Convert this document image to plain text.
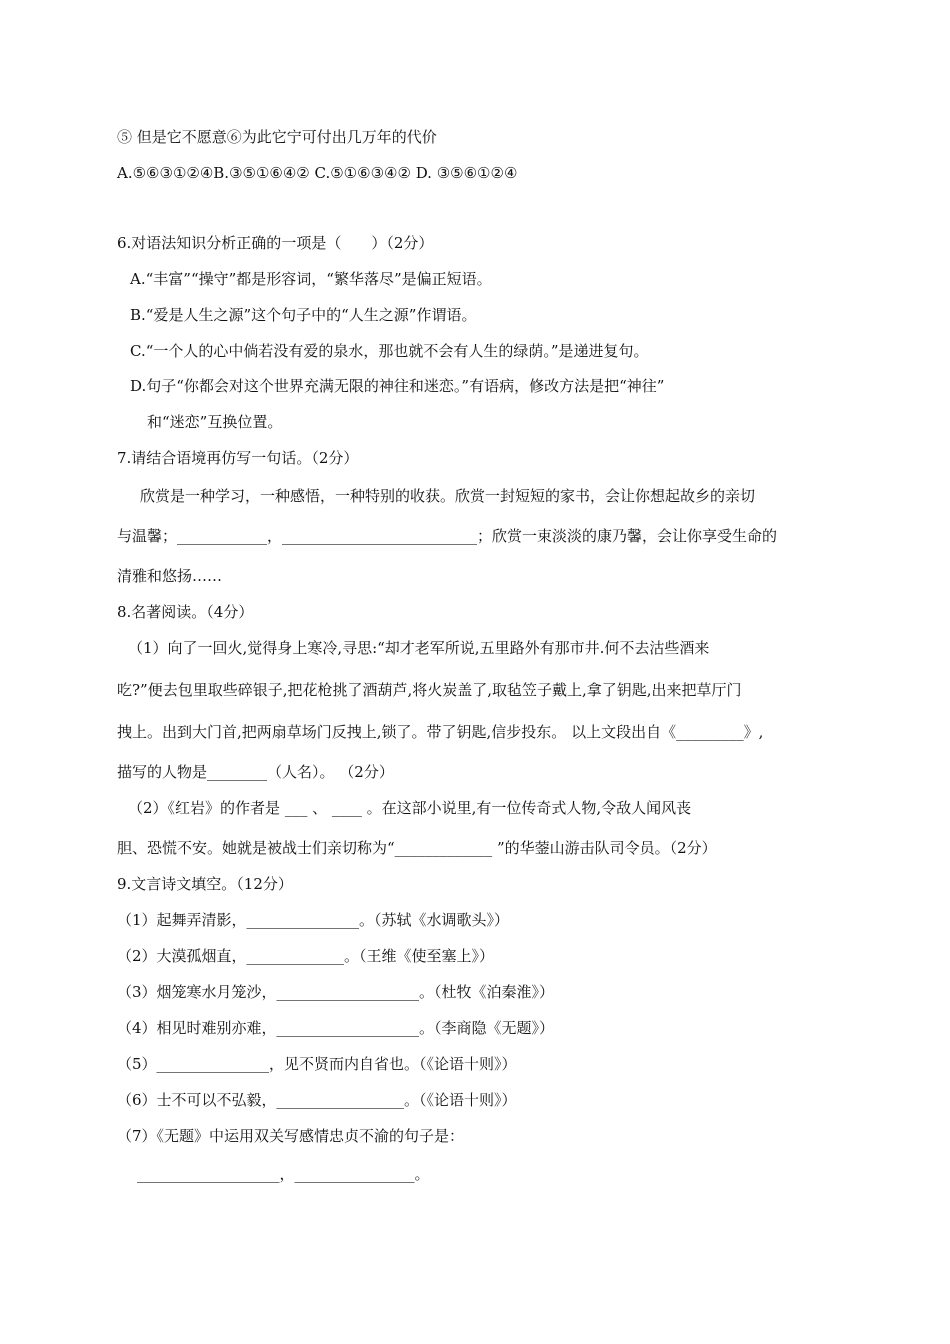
⑤ 但是它不愿意⑥为此它宁可付出几万年的代价

A.⑤⑥③①②④B.③⑤①⑥④② C.⑤①⑥③④② D. ③⑤⑥①②④

6.对语法知识分析正确的一项是（　　）（2分）

A.“丰富”“操守”都是形容词，“繁华落尽”是偏正短语。

B.“爱是人生之源”这个句子中的“人生之源”作谓语。

C.“一个人的心中倘若没有爱的泉水，那也就不会有人生的绿荫。”是递进复句。

D.句子“你都会对这个世界充满无限的神往和迷恋。”有语病，修改方法是把“神往”

和“迷恋”互换位置。

7.请结合语境再仿写一句话。（2分）

欣赏是一种学习，一种感悟，一种特别的收获。欣赏一封短短的家书，会让你想起故乡的亲切

与温馨；____________，__________________________；欣赏一束淡淡的康乃馨，会让你享受生命的

清雅和悠扬……

8.名著阅读。（4分）

（1）向了一回火,觉得身上寒冷,寻思:“却才老军所说,五里路外有那市井.何不去沽些酒来

吃?”便去包里取些碎银子,把花枪挑了酒葫芦,将火炭盖了,取毡笠子戴上,拿了钥匙,出来把草厅门

拽上。出到大门首,把两扇草场门反拽上,锁了。带了钥匙,信步投东。 以上文段出自《_________》,

描写的人物是________（人名）。 （2分）

（2）《红岩》的作者是 ___ 、 ____ 。在这部小说里,有一位传奇式人物,令敌人闻风丧

胆、恐慌不安。她就是被战士们亲切称为“_____________ ”的华蓥山游击队司令员。（2分）

9.文言诗文填空。（12分）

（1）起舞弄清影，_______________。（苏轼《水调歌头》）

（2）大漠孤烟直，_____________。（王维《使至塞上》）

（3）烟笼寒水月笼沙，___________________。（杜牧《泊秦淮》）

（4）相见时难别亦难，___________________。（李商隐《无题》）

（5）_______________，见不贤而内自省也。（《论语十则》）

（6）士不可以不弘毅，_________________。（《论语十则》）

（7）《无题》中运用双关写感情忠贞不渝的句子是：

___________________，________________。
